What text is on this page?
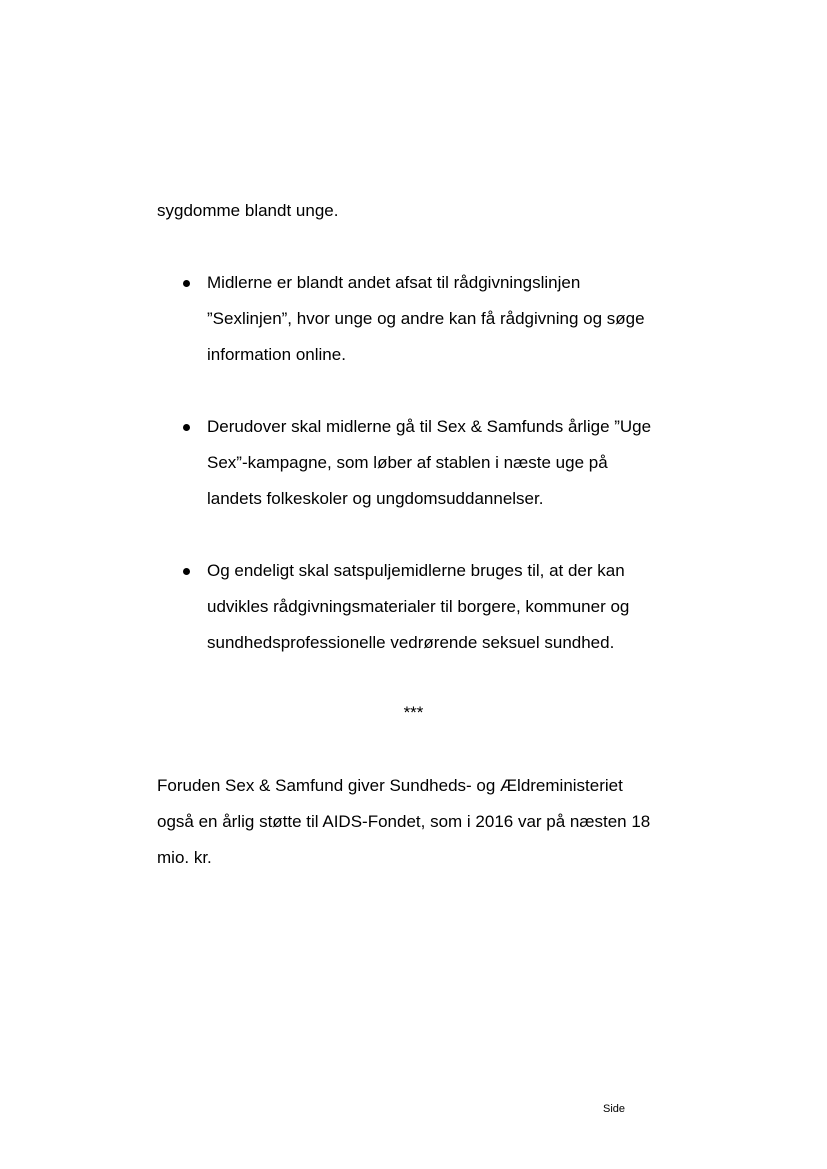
sygdomme blandt unge.

Midlerne er blandt andet afsat til rådgivningslinjen

”Sexlinjen”, hvor unge og andre kan få rådgivning og søge

information online.

Derudover skal midlerne gå til Sex & Samfunds årlige ”Uge

Sex”-kampagne, som løber af stablen i næste uge på

landets folkeskoler og ungdomsuddannelser.

Og endeligt skal satspuljemidlerne bruges til, at der kan

udvikles rådgivningsmaterialer til borgere, kommuner og

sundhedsprofessionelle vedrørende seksuel sundhed.

***

Foruden Sex & Samfund giver Sundheds- og Ældreministeriet

også en årlig støtte til AIDS-Fondet, som i 2016 var på næsten 18

mio. kr.

Side
